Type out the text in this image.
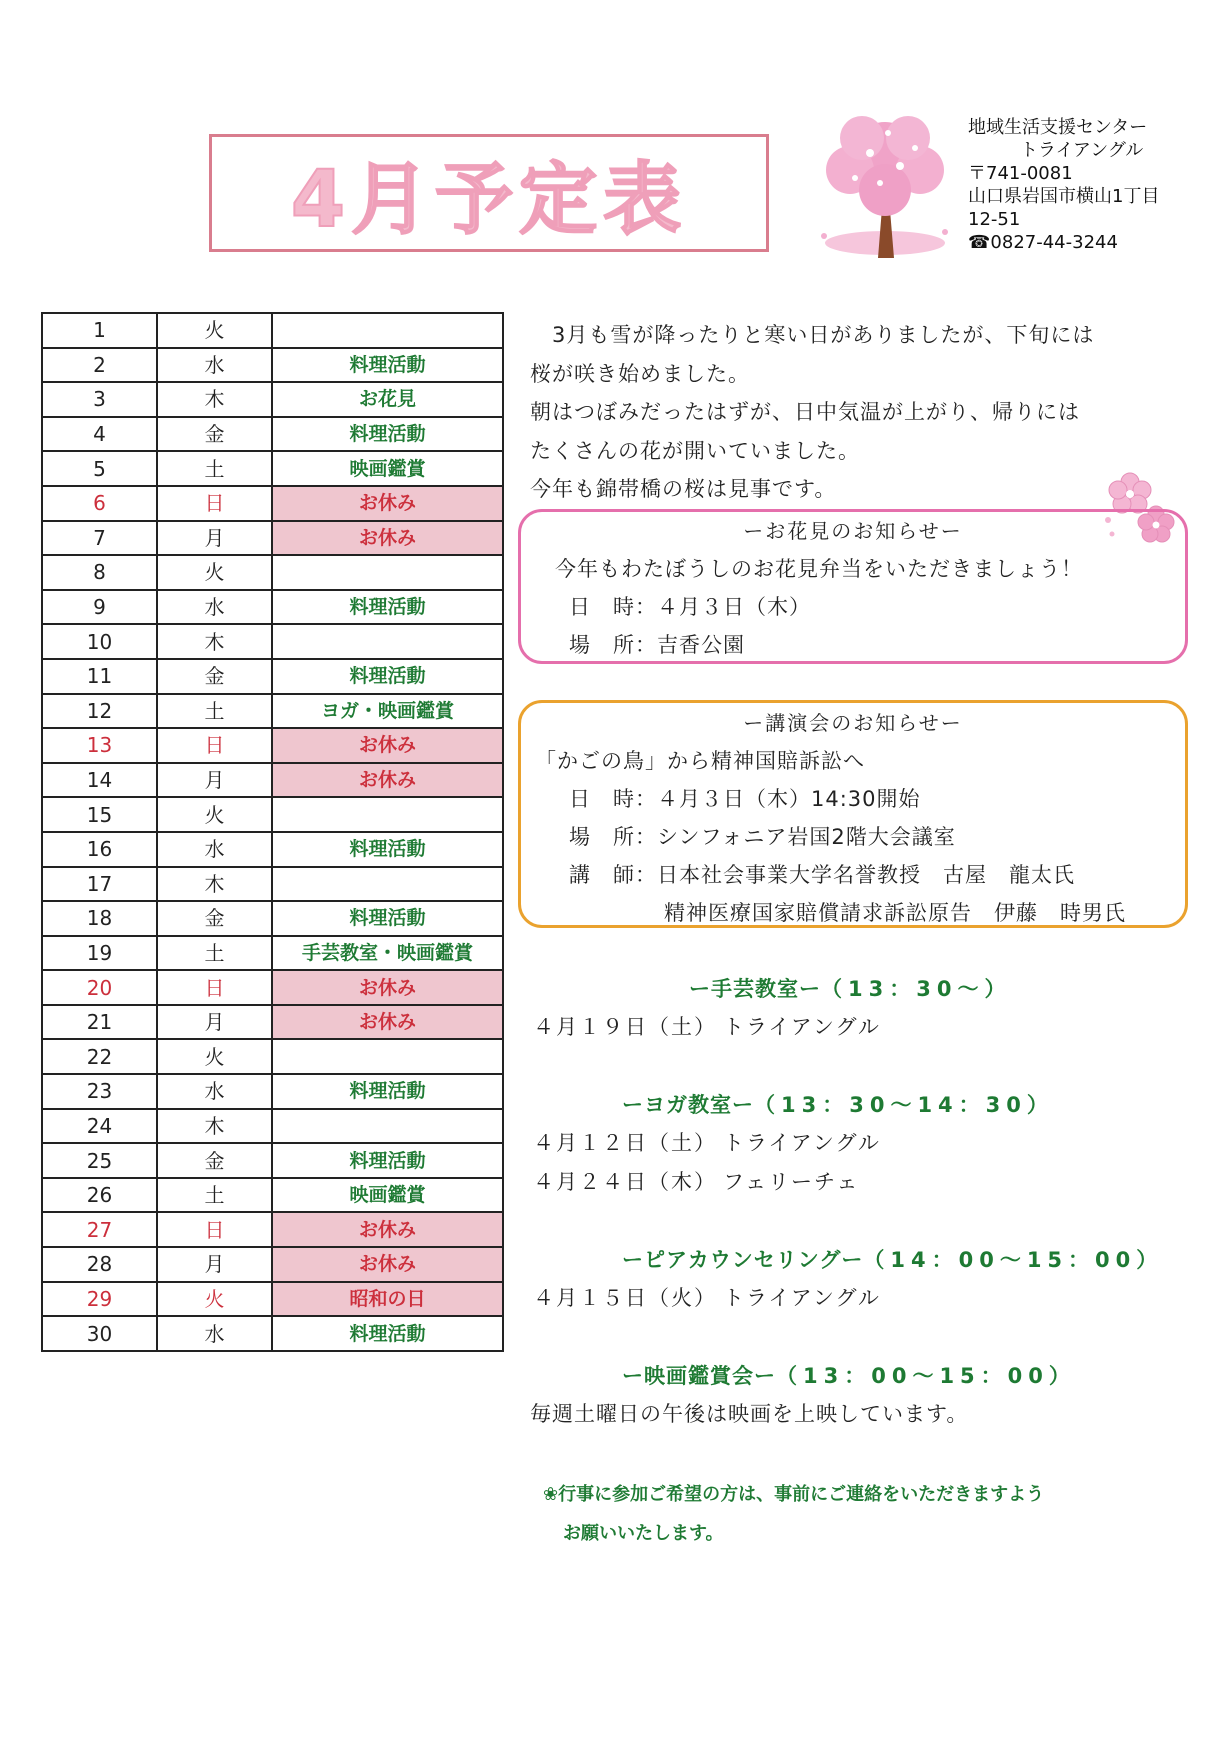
4月予定表
地域生活支援センター
トライアングル
〒741-0081
山口県岩国市横山1丁目
12-51
☎0827-44-3244
1	火	
2	水	料理活動
3	木	お花見
4	金	料理活動
5	土	映画鑑賞
6	日	お休み
7	月	お休み
8	火	
9	水	料理活動
10	木	
11	金	料理活動
12	土	ヨガ・映画鑑賞
13	日	お休み
14	月	お休み
15	火	
16	水	料理活動
17	木	
18	金	料理活動
19	土	手芸教室・映画鑑賞
20	日	お休み
21	月	お休み
22	火	
23	水	料理活動
24	木	
25	金	料理活動
26	土	映画鑑賞
27	日	お休み
28	月	お休み
29	火	昭和の日
30	水	料理活動
　3月も雪が降ったりと寒い日がありましたが、下旬には
桜が咲き始めました。
朝はつぼみだったはずが、日中気温が上がり、帰りには
たくさんの花が開いていました。
今年も錦帯橋の桜は見事です。
ーお花見のお知らせー
今年もわたぼうしのお花見弁当をいただきましょう！
日　時：４月３日（木）
場　所：吉香公園
ー講演会のお知らせー
「かごの鳥」から精神国賠訴訟へ
日　時：４月３日（木）14:30開始
場　所：シンフォニア岩国2階大会議室
講　師：日本社会事業大学名誉教授　古屋　龍太氏
精神医療国家賠償請求訴訟原告　伊藤　時男氏
ー手芸教室ー（13：30～）
４月１９日（土） トライアングル
ーヨガ教室ー（13：30～14：30）
４月１２日（土） トライアングル
４月２４日（木） フェリーチェ
ーピアカウンセリングー（14：00～15：00）
４月１５日（火） トライアングル
ー映画鑑賞会ー（13：00～15：00）
毎週土曜日の午後は映画を上映しています。
❀行事に参加ご希望の方は、事前にご連絡をいただきますよう
お願いいたします。
